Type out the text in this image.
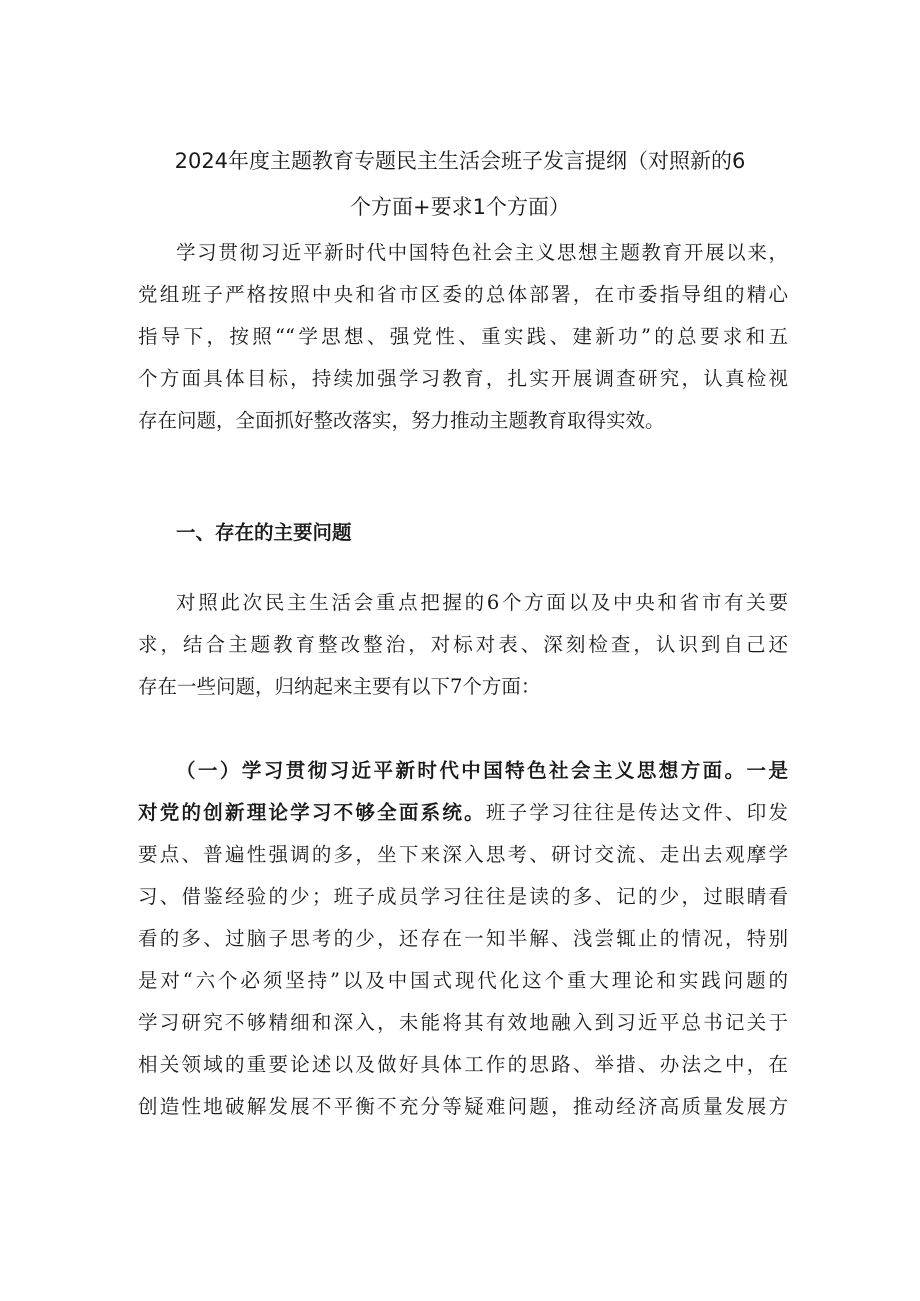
2024年度主题教育专题民主生活会班子发言提纲（对照新的6
个方面+要求1个方面）
学习贯彻习近平新时代中国特色社会主义思想主题教育开展以来，
党组班子严格按照中央和省市区委的总体部署，在市委指导组的精心
指导下，按照““学思想、强党性、重实践、建新功”的总要求和五
个方面具体目标，持续加强学习教育，扎实开展调查研究，认真检视
存在问题，全面抓好整改落实，努力推动主题教育取得实效。
一、存在的主要问题
对照此次民主生活会重点把握的6个方面以及中央和省市有关要
求，结合主题教育整改整治，对标对表、深刻检查，认识到自己还
存在一些问题，归纳起来主要有以下7个方面：
（一）学习贯彻习近平新时代中国特色社会主义思想方面。一是
对党的创新理论学习不够全面系统。班子学习往往是传达文件、印发
要点、普遍性强调的多，坐下来深入思考、研讨交流、走出去观摩学
习、借鉴经验的少；班子成员学习往往是读的多、记的少，过眼睛看
看的多、过脑子思考的少，还存在一知半解、浅尝辄止的情况，特别
是对“六个必须坚持”以及中国式现代化这个重大理论和实践问题的
学习研究不够精细和深入，未能将其有效地融入到习近平总书记关于
相关领域的重要论述以及做好具体工作的思路、举措、办法之中，在
创造性地破解发展不平衡不充分等疑难问题，推动经济高质量发展方
